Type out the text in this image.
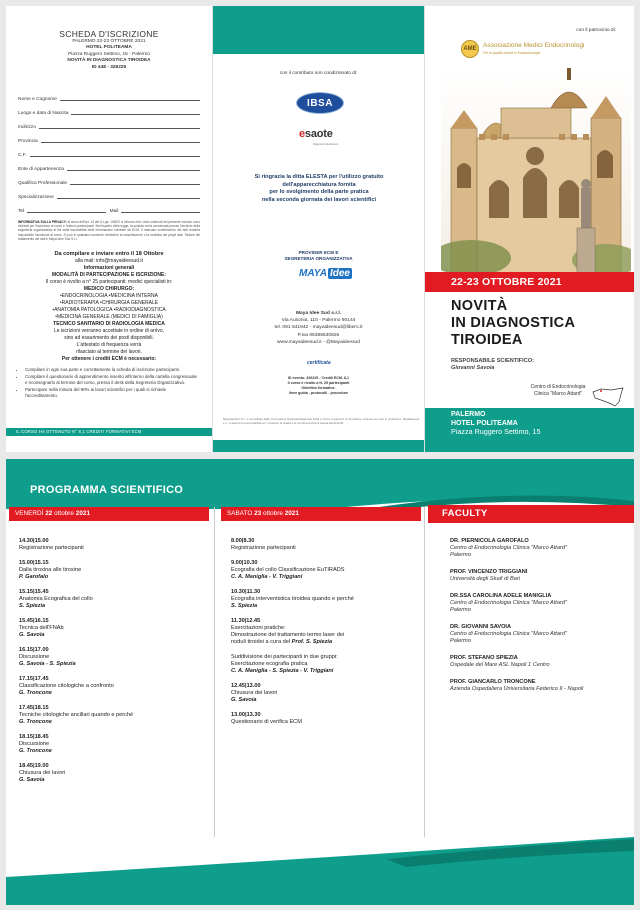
SCHEDA D'ISCRIZIONE
PALERMO 22-23 OTTOBRE 2021
HOTEL POLITEAMA
Piazza Ruggero Settimo, 15 - Palermo
NOVITÀ IN DIAGNOSTICA TIROIDEA
ID 448 - 326225
Nome e Cognome
Luogo e data di Nascita
Indirizzo
Provincia
C.F.
Ente di Appartenenza
Qualifica Professionale
Specializzazione
Tel	Mail
INFORMATIVA SULLA PRIVACY: ai sensi dell'art. 13 del D.Lgs. 196/03 si informa che i dati contenuti nel presente modulo sono richiesti per l'iscrizione al corso e l'elenco partecipanti. Nel rispetto della legge, la scheda verrà conservata presso l'archivio della segreteria organizzativa ai fini della tracciabilità delle informazioni richieste da ECM. Il mancato conferimento dei dati renderà impossibile l'iscrizione al corso. Si può in qualsiasi momento richiedere la cancellazione o la modifica dei propri dati. Titolare del trattamento dei dati è Maya Idee Sud S.r.l.
Da compilare e inviare entro il 18 Ottobre
alla mail: info@mayaideesud.it
Informazioni generali
MODALITÀ DI PARTECIPAZIONE E ISCRIZIONE:
Il corso è rivolto a n° 25 partecipanti; medici specialisti in:
MEDICO CHIRURGO:
•ENDOCRINOLOGIA •MEDICINA INTERNA
•RADIOTERAPIA •CHIRURGIA GENERALE
•ANATOMIA PATOLOGICA •RADIODIAGNOSTICA
•MEDICINA GENERALE (MEDICI DI FAMIGLIA)
TECNICO SANITARIO DI RADIOLOGIA MEDICA
Le iscrizioni verranno accettate in ordine di arrivo,
sino ad esaurimento dei posti disponibili.
L'attestato di frequenza verrà
rilasciato al termine dei lavori.
Per ottenere i crediti ECM è necessario:
• Compilare in ogni sua parte e correttamente la scheda di iscrizione partecipanti.
• Compilare il questionario di apprendimento inserito all'interno della cartella congressuale e riconsegnarlo al termine del corso, presso il desk della Segreteria Organizzativa.
• Partecipare nella misura del 90% ai lavori scientifici per i quali si richiede l'accreditamento.
IL CORSO HA OTTENUTO N° 8,1 CREDITI FORMATIVI ECM
con il contributo non condizionato di:
IBSA
esaote
Diagnostic Excellence
Si ringrazia la ditta ELESTA per l'utilizzo gratuito
dell'apparecchiatura fornita
per lo svolgimento della parte pratica
nella seconda giornata dei lavori scientifici
PROVIDER ECM E
SEGRETERIA ORGANIZZATIVA
MAYA Idee
Maya Idee Sud s.r.l.
Via Ausonia, 110 - Palermo 90144
tel. 091 541942 - mayaideesud@libero.it
P.iva 05385630826
www.mayaideesud.it - @Mayaideesud
certificata
ID evento: 326225 - Crediti ECM: 8,1
Il corso è rivolto a N. 25 partecipanti
Obiettivo formativo:
linee guida - protocolli - procedure
MayaIdeeSud S.r.l. è accreditata dalla commissione Nazionale/Regionale ECM a fornire programmi di formazione continua per tutte le professioni. MayaIdeesud s.r.l. si assume la responsabilità per i contenuti, la qualità e la correttezza etica di questa attività ECM.
con il patrocinio di:
AME Associazione Medici Endocrinologi
Per la qualità clinica in Endocrinologia
22-23 OTTOBRE 2021
NOVITÀ
IN DIAGNOSTICA
TIROIDEA
RESPONSABILE SCIENTIFICO:
Giovanni Savoia
Centro di Endocrinologia
Clinica "Marco Attard"
PALERMO
HOTEL POLITEAMA
Piazza Ruggero Settimo, 15
PROGRAMMA SCIENTIFICO
VENERDÌ 22 ottobre 2021
14.30|15.00
Registrazione partecipanti
15.00|15.15
Dalla tiroxina alle tiroxine
P. Garofalo
15.15|15.45
Anatomia Ecografica del collo
S. Spiezia
15.45|16.15
Tecnica dell'FNAb
G. Savoia
16.15|17.00
Discussione
G. Savoia - S. Spiezia
17.15|17.45
Classificazione citologiche a confronto
G. Troncone
17.45|18.15
Tecniche citologiche ancillari quando e perché
G. Troncone
18.15|18.45
Discussione
G. Troncone
18.45|19.00
Chiusura dei lavori
G. Savoia
SABATO 23 ottobre 2021
8.00|8.30
Registrazione partecipanti
9.00|10.30
Ecografia del collo Classificazione EuTIRADS
C. A. Maniglia - V. Triggiani
10.30|11.30
Ecografia interventistica tiroidea quando e perché
S. Spiezia
11.30|12.45
Esercitazioni pratiche:
Dimostrazione del trattamento termo laser dei
noduli tiroidei a cura del Prof. S. Spiezia
Suddivisione dei partecipanti in due gruppi:
Esercitazione ecografia pratica
C. A. Maniglia - S. Spiezia - V. Triggiani
12.45|13.00
Chiusura dei lavori
G. Savoia
13.00|13.30
Questionario di verifica ECM
FACULTY
DR. PIERNICOLA GAROFALO
Centro di Endocrinologia Clinica "Marco Attard"
Palermo
PROF. VINCENZO TRIGGIANI
Università degli Studi di Bari
DR.SSA CAROLINA ADELE MANIGLIA
Centro di Endocrinologia Clinica "Marco Attard"
Palermo
DR. GIOVANNI SAVOIA
Centro di Endocrinologia Clinica "Marco Attard"
Palermo
PROF. STEFANO SPIEZIA
Ospedale del Mare ASL Napoli 1 Centro
PROF. GIANCARLO TRONCONE
Azienda Ospedaliera Universitaria Federico II - Napoli
